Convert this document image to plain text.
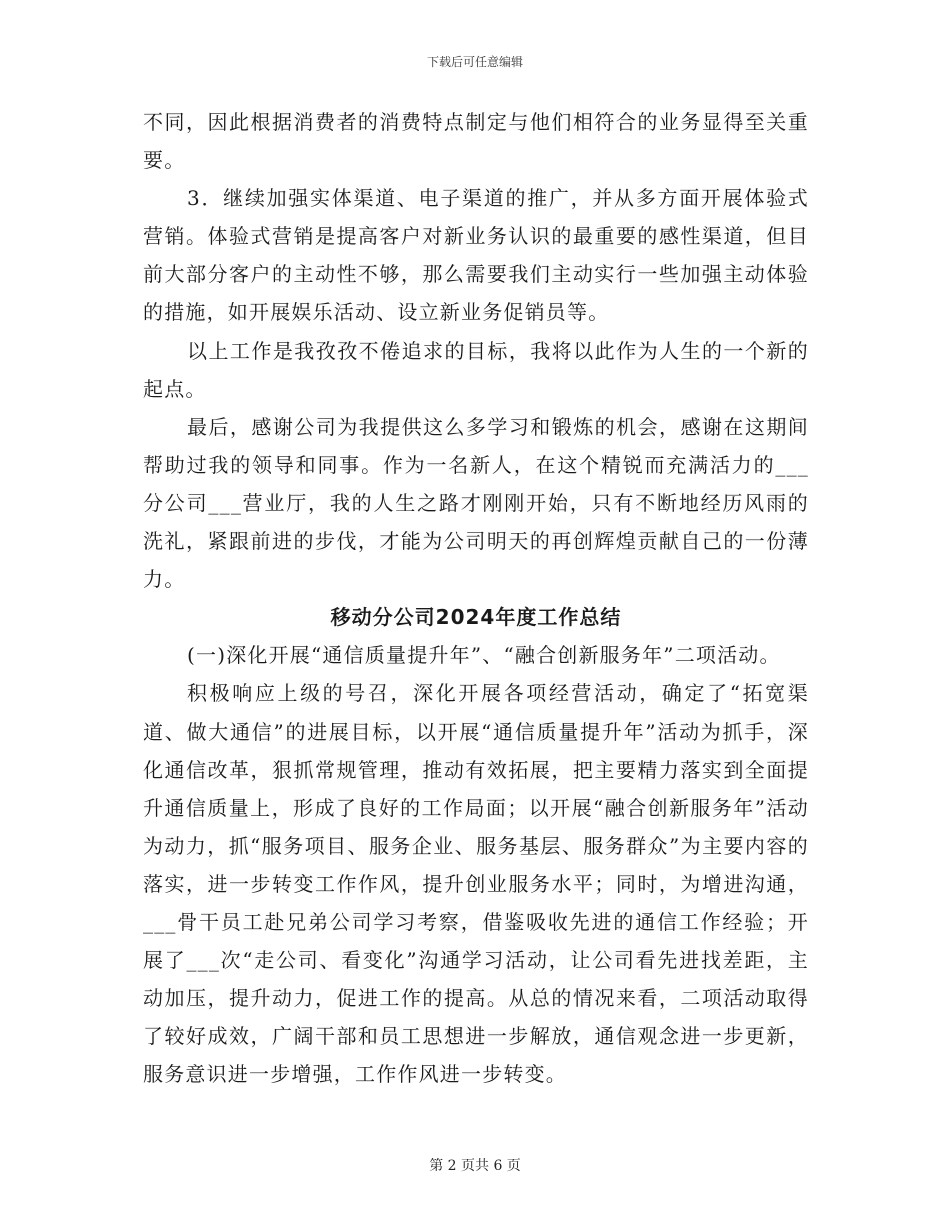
下载后可任意编辑

不同，因此根据消费者的消费特点制定与他们相符合的业务显得至关重要。

3．继续加强实体渠道、电子渠道的推广，并从多方面开展体验式营销。体验式营销是提高客户对新业务认识的最重要的感性渠道，但目前大部分客户的主动性不够，那么需要我们主动实行一些加强主动体验的措施，如开展娱乐活动、设立新业务促销员等。

以上工作是我孜孜不倦追求的目标，我将以此作为人生的一个新的起点。

最后，感谢公司为我提供这么多学习和锻炼的机会，感谢在这期间帮助过我的领导和同事。作为一名新人，在这个精锐而充满活力的___分公司___营业厅，我的人生之路才刚刚开始，只有不断地经历风雨的洗礼，紧跟前进的步伐，才能为公司明天的再创辉煌贡献自己的一份薄力。

移动分公司2024年度工作总结

(一)深化开展“通信质量提升年”、“融合创新服务年”二项活动。

积极响应上级的号召，深化开展各项经营活动，确定了“拓宽渠道、做大通信”的进展目标，以开展“通信质量提升年”活动为抓手，深化通信改革，狠抓常规管理，推动有效拓展，把主要精力落实到全面提升通信质量上，形成了良好的工作局面；以开展“融合创新服务年”活动为动力，抓“服务项目、服务企业、服务基层、服务群众”为主要内容的落实，进一步转变工作作风，提升创业服务水平；同时，为增进沟通，___骨干员工赴兄弟公司学习考察，借鉴吸收先进的通信工作经验；开展了___次“走公司、看变化”沟通学习活动，让公司看先进找差距，主动加压，提升动力，促进工作的提高。从总的情况来看，二项活动取得了较好成效，广阔干部和员工思想进一步解放，通信观念进一步更新，服务意识进一步增强，工作作风进一步转变。

第 2 页共 6 页
